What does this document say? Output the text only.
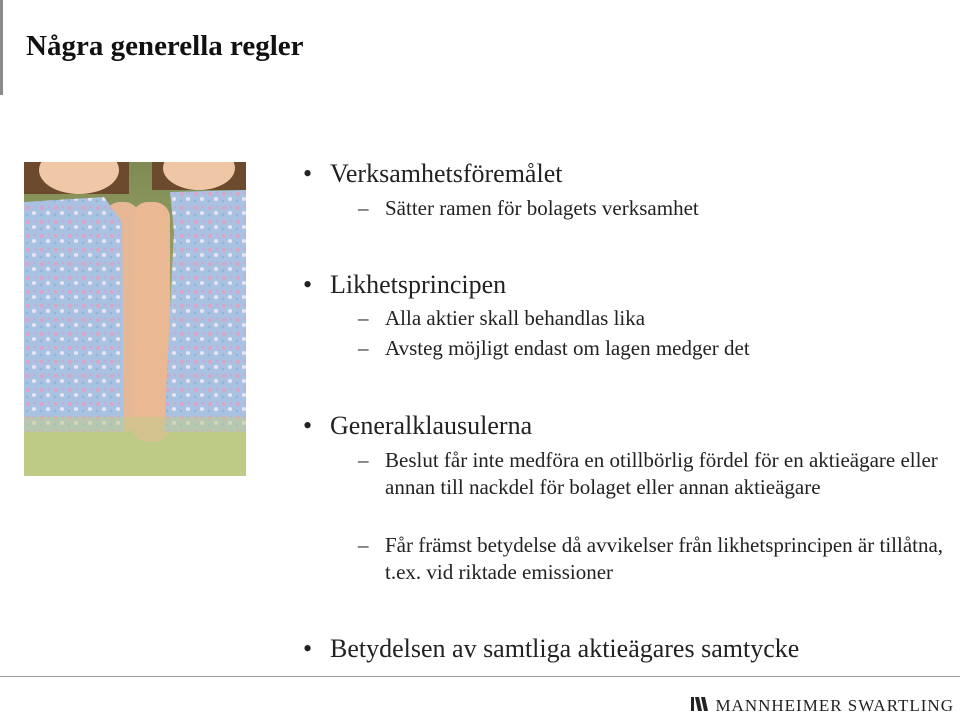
Några generella regler
• Verksamhetsföremålet
– Sätter ramen för bolagets verksamhet
• Likhetsprincipen
– Alla aktier skall behandlas lika
– Avsteg möjligt endast om lagen medger det
• Generalklausulerna
– Beslut får inte medföra en otillbörlig fördel för en aktieägare eller annan till nackdel för bolaget eller annan aktieägare
– Får främst betydelse då avvikelser från likhetsprincipen är tillåtna, t.ex. vid riktade emissioner
• Betydelsen av samtliga aktieägares samtycke
MANNHEIMER SWARTLING
